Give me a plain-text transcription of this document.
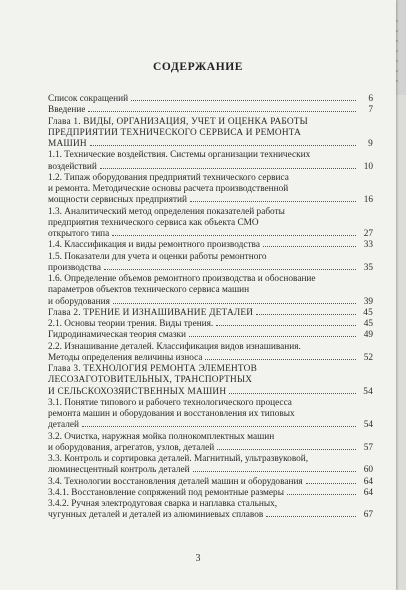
СОДЕРЖАНИЕ
Список сокращений	6
Введение	7
Глава 1. ВИДЫ, ОРГАНИЗАЦИЯ, УЧЕТ И ОЦЕНКА РАБОТЫ
ПРЕДПРИЯТИЙ ТЕХНИЧЕСКОГО СЕРВИСА И РЕМОНТА
МАШИН	9
1.1. Технические воздействия. Системы организации технических
воздействий	10
1.2. Типаж оборудования предприятий технического сервиса
и ремонта. Методические основы расчета производственной
мощности сервисных предприятий	16
1.3. Аналитический метод определения показателей работы
предприятия технического сервиса как объекта СМО
открытого типа	27
1.4. Классификация и виды ремонтного производства	33
1.5. Показатели для учета и оценки работы ремонтного
производства	35
1.6. Определение объемов ремонтного производства и обоснование
параметров объектов технического сервиса машин
и оборудования	39
Глава 2. ТРЕНИЕ И ИЗНАШИВАНИЕ ДЕТАЛЕЙ	45
2.1. Основы теории трения. Виды трения.	45
Гидродинамическая теория смазки	49
2.2. Изнашивание деталей. Классификация видов изнашивания.
Методы определения величины износа	52
Глава 3. ТЕХНОЛОГИЯ РЕМОНТА ЭЛЕМЕНТОВ
ЛЕСОЗАГОТОВИТЕЛЬНЫХ, ТРАНСПОРТНЫХ
И СЕЛЬСКОХОЗЯЙСТВЕННЫХ МАШИН	54
3.1. Понятие типового и рабочего технологического процесса
ремонта машин и оборудования и восстановления их типовых
деталей	54
3.2. Очистка, наружная мойка полнокомплектных машин
и оборудования, агрегатов, узлов, деталей	57
3.3. Контроль и сортировка деталей. Магнитный, ультразвуковой,
люминесцентный контроль деталей	60
3.4. Технологии восстановления деталей машин и оборудования	64
3.4.1. Восстановление сопряжений под ремонтные размеры	64
3.4.2. Ручная электродуговая сварка и наплавка стальных,
чугунных деталей и деталей из алюминиевых сплавов	67
3
